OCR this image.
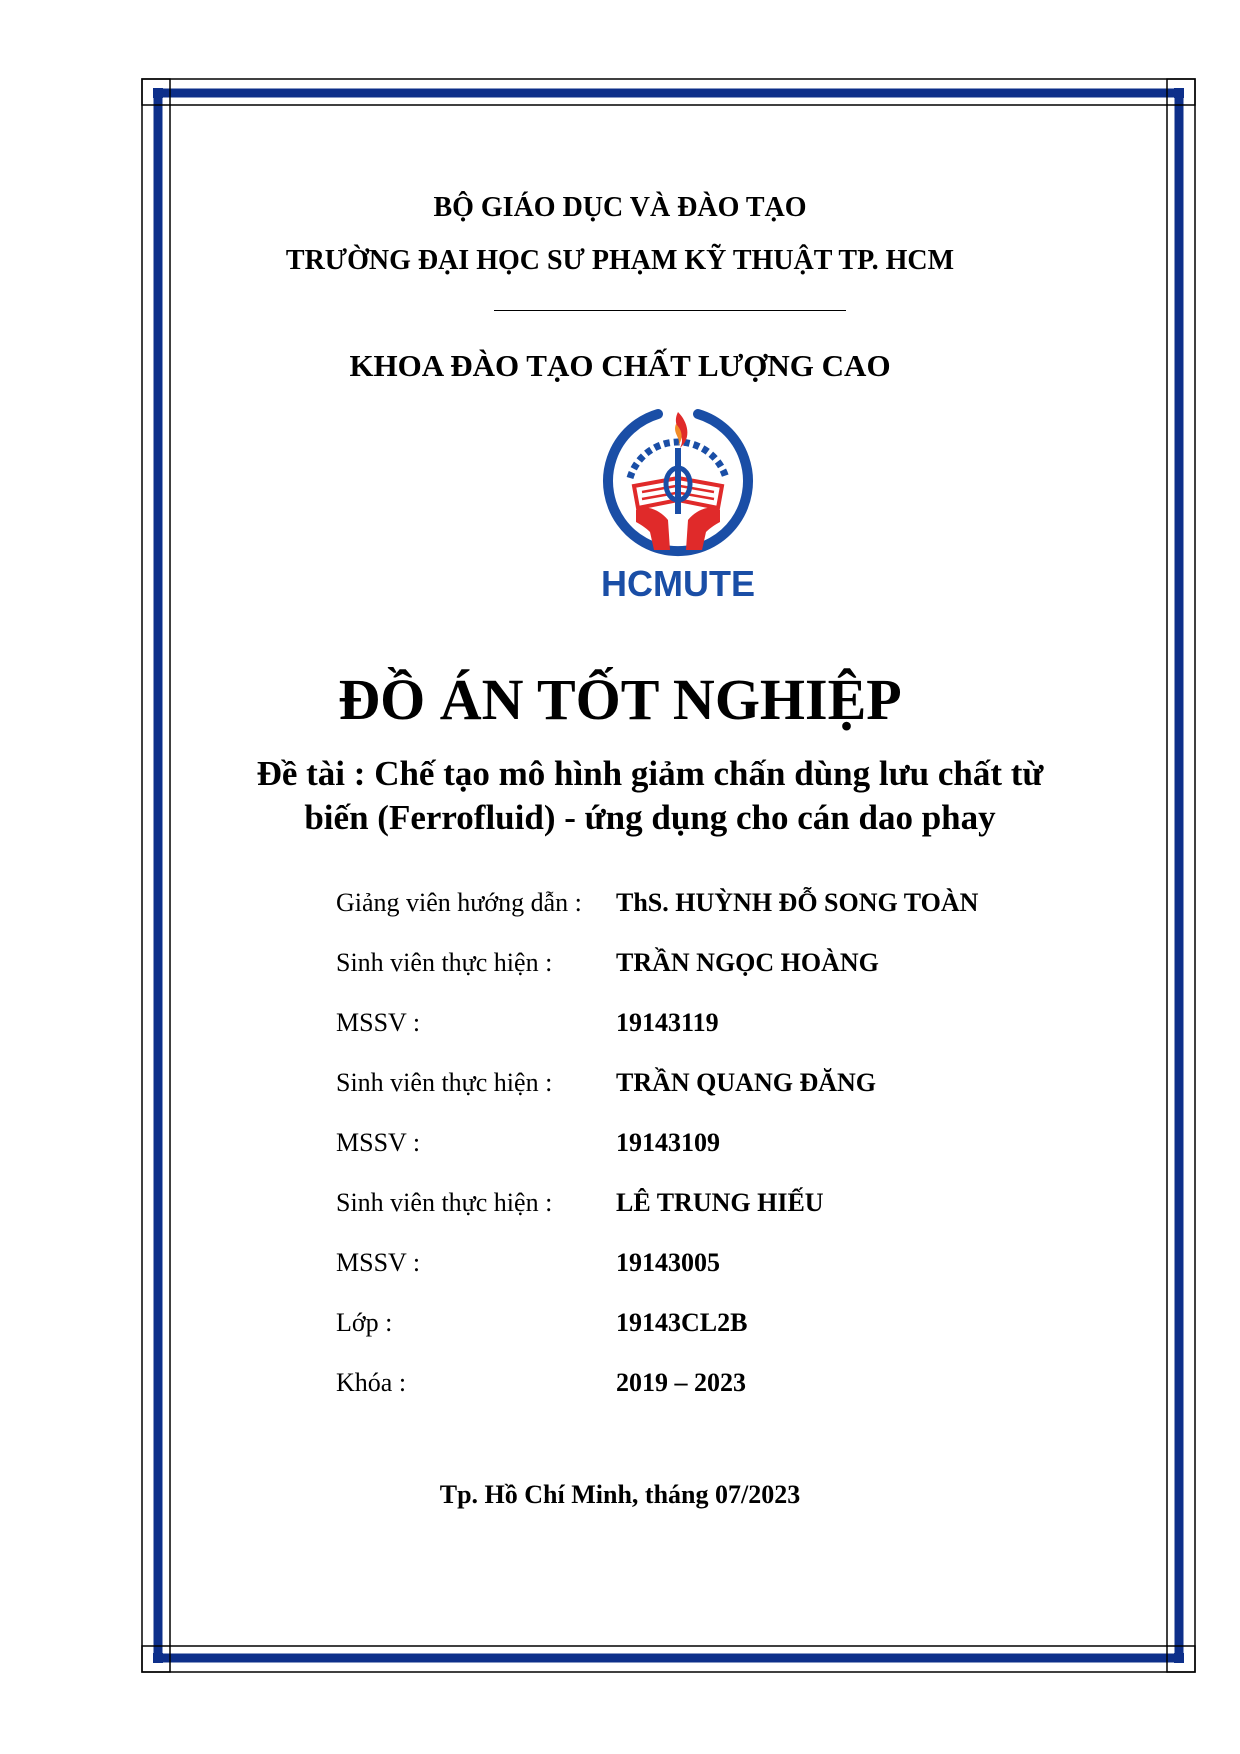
BỘ GIÁO DỤC VÀ ĐÀO TẠO
TRƯỜNG ĐẠI HỌC SƯ PHẠM KỸ THUẬT TP. HCM
KHOA ĐÀO TẠO CHẤT LƯỢNG CAO
HCMUTE
ĐỒ ÁN TỐT NGHIỆP
Đề tài : Chế tạo mô hình giảm chấn dùng lưu chất từ
biến (Ferrofluid) - ứng dụng cho cán dao phay
Giảng viên hướng dẫn : ThS. HUỲNH ĐỖ SONG TOÀN
Sinh viên thực hiện : TRẦN NGỌC HOÀNG
MSSV :	19143119
Sinh viên thực hiện : TRẦN QUANG ĐĂNG
MSSV :	19143109
Sinh viên thực hiện : LÊ TRUNG HIẾU
MSSV :	19143005
Lớp :	19143CL2B
Khóa :	2019 – 2023
Tp. Hồ Chí Minh, tháng 07/2023
